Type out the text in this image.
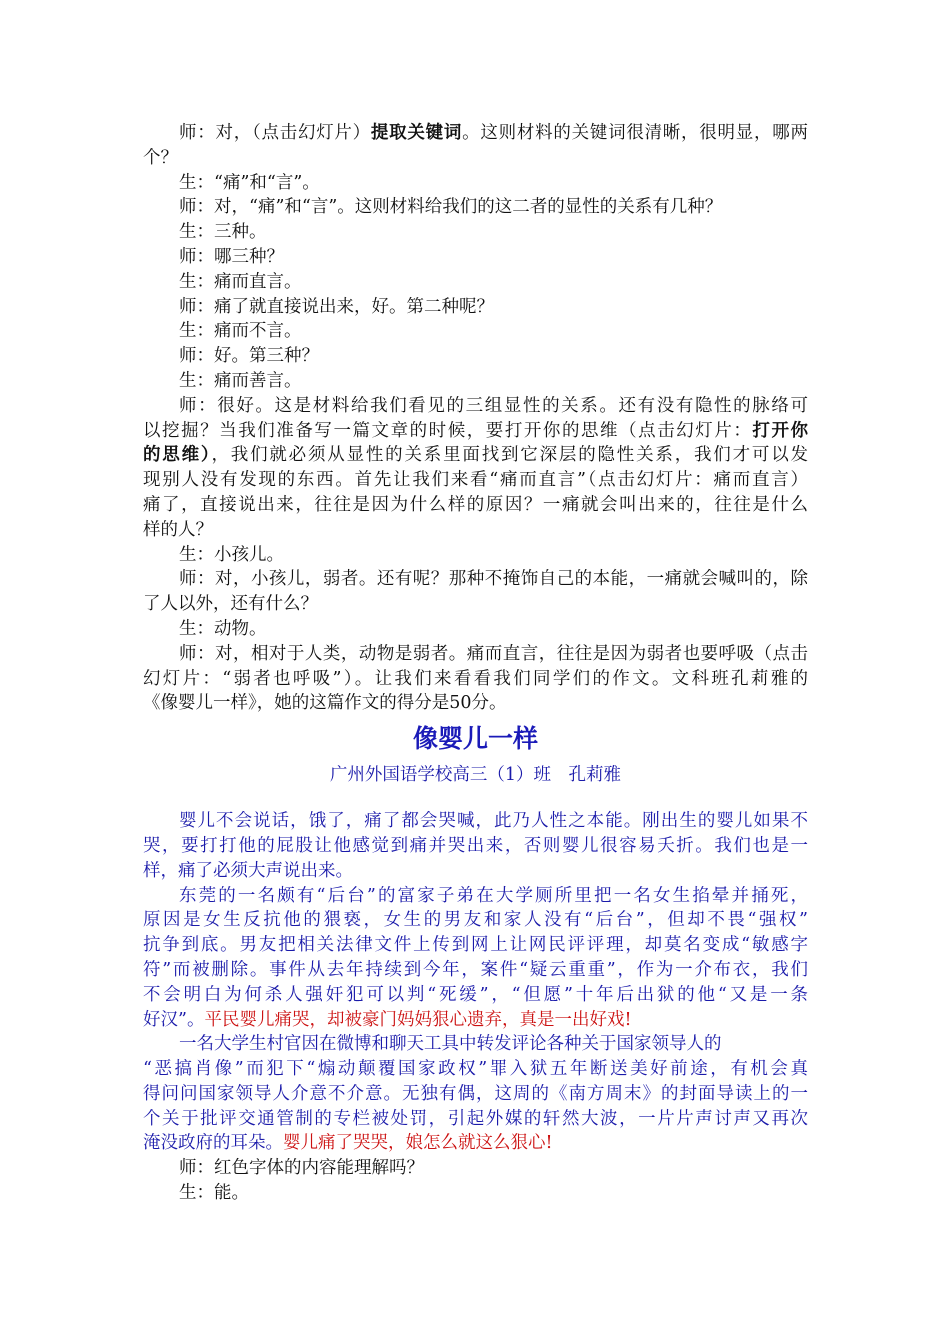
师：对，（点击幻灯片）提取关键词。这则材料的关键词很清晰，很明显，哪两
个？
生：“痛”和“言”。
师：对，“痛”和“言”。这则材料给我们的这二者的显性的关系有几种？
生：三种。
师：哪三种？
生：痛而直言。
师：痛了就直接说出来，好。第二种呢？
生：痛而不言。
师：好。第三种？
生：痛而善言。
师：很好。这是材料给我们看见的三组显性的关系。还有没有隐性的脉络可
以挖掘？当我们准备写一篇文章的时候，要打开你的思维（点击幻灯片：打开你
的思维），我们就必须从显性的关系里面找到它深层的隐性关系，我们才可以发
现别人没有发现的东西。首先让我们来看“痛而直言”（点击幻灯片：痛而直言）
痛了，直接说出来，往往是因为什么样的原因？一痛就会叫出来的，往往是什么
样的人？
生：小孩儿。
师：对，小孩儿，弱者。还有呢？那种不掩饰自己的本能，一痛就会喊叫的，除
了人以外，还有什么？
生：动物。
师：对，相对于人类，动物是弱者。痛而直言，往往是因为弱者也要呼吸（点击
幻灯片：“弱者也呼吸”）。让我们来看看我们同学们的作文。文科班孔莉雅的
《像婴儿一样》，她的这篇作文的得分是50分。
像婴儿一样
广州外国语学校高三（1）班　孔莉雅
婴儿不会说话，饿了，痛了都会哭喊，此乃人性之本能。刚出生的婴儿如果不
哭，要打打他的屁股让他感觉到痛并哭出来，否则婴儿很容易夭折。我们也是一
样，痛了必须大声说出来。
东莞的一名颇有“后台”的富家子弟在大学厕所里把一名女生掐晕并捅死，
原因是女生反抗他的猥亵，女生的男友和家人没有“后台”，但却不畏“强权”
抗争到底。男友把相关法律文件上传到网上让网民评评理，却莫名变成“敏感字
符”而被删除。事件从去年持续到今年，案件“疑云重重”，作为一介布衣，我们
不会明白为何杀人强奸犯可以判“死缓”，“但愿”十年后出狱的他“又是一条
好汉”。平民婴儿痛哭，却被豪门妈妈狠心遗弃，真是一出好戏!
一名大学生村官因在微博和聊天工具中转发评论各种关于国家领导人的
“恶搞肖像”而犯下“煽动颠覆国家政权”罪入狱五年断送美好前途，有机会真
得问问国家领导人介意不介意。无独有偶，这周的《南方周末》的封面导读上的一
个关于批评交通管制的专栏被处罚，引起外媒的轩然大波，一片片声讨声又再次
淹没政府的耳朵。婴儿痛了哭哭，娘怎么就这么狠心!
师：红色字体的内容能理解吗？
生：能。
